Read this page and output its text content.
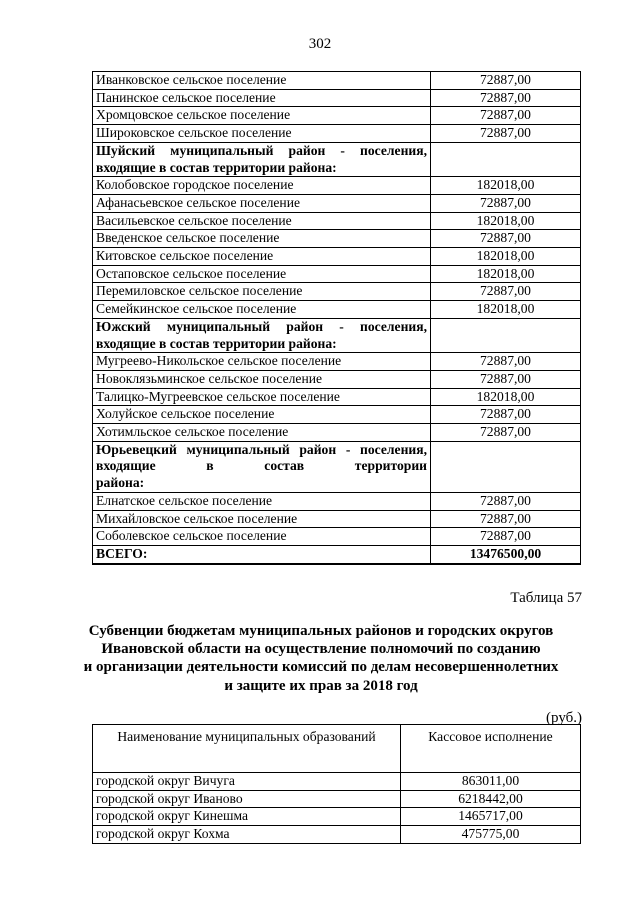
302
Иванковское сельское поселение	72887,00
Панинское сельское поселение	72887,00
Хромцовское сельское поселение	72887,00
Широковское сельское поселение	72887,00
Шуйский муниципальный район - поселения,
входящие в состав территории района:	

Колобовское городское поселение	182018,00
Афанасьевское сельское поселение	72887,00
Васильевское сельское поселение	182018,00
Введенское сельское поселение	72887,00
Китовское сельское поселение	182018,00
Остаповское сельское поселение	182018,00
Перемиловское сельское поселение	72887,00
Семейкинское сельское поселение	182018,00
Южский муниципальный район - поселения,
входящие в состав территории района:	

Мугреево-Никольское сельское поселение	72887,00
Новоклязьминское сельское поселение	72887,00
Талицко-Мугреевское сельское поселение	182018,00
Холуйское сельское поселение	72887,00
Хотимльское сельское поселение	72887,00
Юрьевецкий муниципальный район - поселения, входящие в состав территории
района:	

Елнатское сельское поселение	72887,00
Михайловское сельское поселение	72887,00
Соболевское сельское поселение	72887,00
ВСЕГО:	13476500,00
Таблица 57
Субвенции бюджетам муниципальных районов и городских округов
Ивановской области на осуществление полномочий по созданию
и организации деятельности комиссий по делам несовершеннолетних
и защите их прав за 2018 год
(руб.)
Наименование муниципальных образований	Кассовое исполнение
городской округ Вичуга	863011,00
городской округ Иваново	6218442,00
городской округ Кинешма	1465717,00
городской округ Кохма	475775,00
